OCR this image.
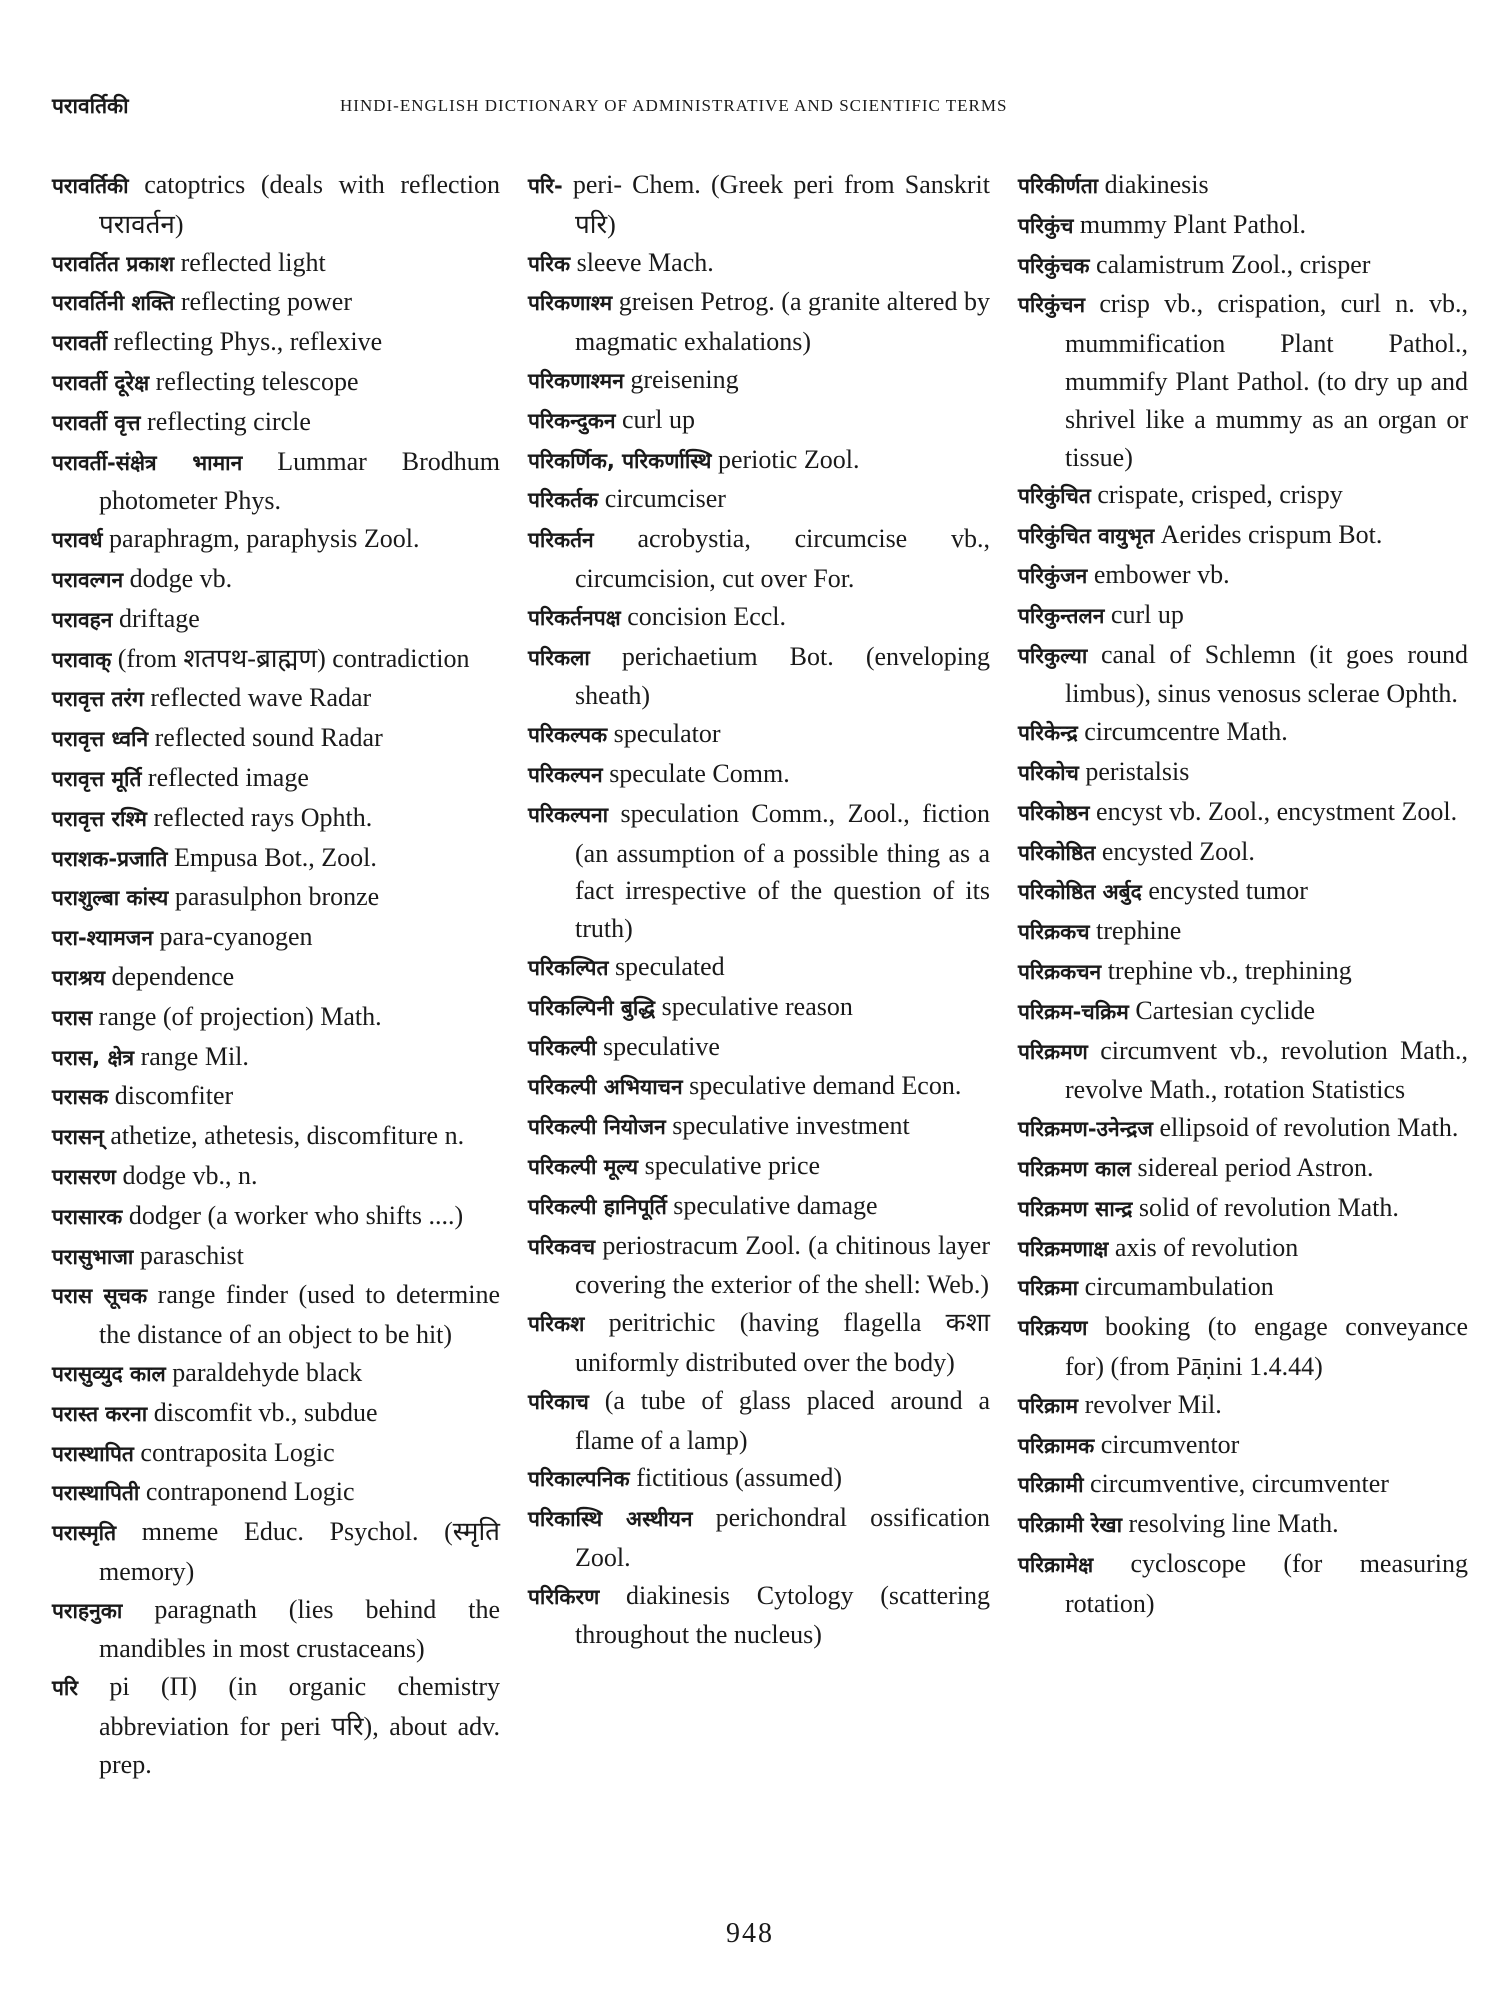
परावर्तिकी	HINDI-ENGLISH DICTIONARY OF ADMINISTRATIVE AND SCIENTIFIC TERMS

परावर्तिकी catoptrics (deals with reflection परावर्तन)

परावर्तित प्रकाश reflected light

परावर्तिनी शक्ति reflecting power

परावर्ती reflecting Phys., reflexive

परावर्ती दूरेक्ष reflecting telescope

परावर्ती वृत्त reflecting circle

परावर्ती-संक्षेत्र भामान Lummar Brodhum photometer Phys.

परावर्ध paraphragm, paraphysis Zool.

परावल्गन dodge vb.

परावहन driftage

परावाक् (from शतपथ-ब्राह्मण) contradiction

परावृत्त तरंग reflected wave Radar

परावृत्त ध्वनि reflected sound Radar

परावृत्त मूर्ति reflected image

परावृत्त रश्मि reflected rays Ophth.

पराशक-प्रजाति Empusa Bot., Zool.

पराशुल्बा कांस्य parasulphon bronze

परा-श्यामजन para-cyanogen

पराश्रय dependence

परास range (of projection) Math.

परास, क्षेत्र range Mil.

परासक discomfiter

परासन् athetize, athetesis, discomfiture n.

परासरण dodge vb., n.

परासारक dodger (a worker who shifts ....)

परासुभाजा paraschist

परास सूचक range finder (used to determine the distance of an object to be hit)

परासुव्युद काल paraldehyde black

परास्त करना discomfit vb., subdue

परास्थापित contraposita Logic

परास्थापिती contraponend Logic

परास्मृति mneme Educ. Psychol. (स्मृति memory)

पराहनुका paragnath (lies behind the mandibles in most crustaceans)

परि pi (Π) (in organic chemistry abbreviation for peri परि), about adv. prep.

परि- peri- Chem. (Greek peri from Sanskrit परि)

परिक sleeve Mach.

परिकणाश्म greisen Petrog. (a granite altered by magmatic exhalations)

परिकणाश्मन greisening

परिकन्दुकन curl up

परिकर्णिक, परिकर्णास्थि periotic Zool.

परिकर्तक circumciser

परिकर्तन acrobystia, circumcise vb., circumcision, cut over For.

परिकर्तनपक्ष concision Eccl.

परिकला perichaetium Bot. (enveloping sheath)

परिकल्पक speculator

परिकल्पन speculate Comm.

परिकल्पना speculation Comm., Zool., fiction (an assumption of a possible thing as a fact irrespective of the question of its truth)

परिकल्पित speculated

परिकल्पिनी बुद्धि speculative reason

परिकल्पी speculative

परिकल्पी अभियाचन speculative demand Econ.

परिकल्पी नियोजन speculative investment

परिकल्पी मूल्य speculative price

परिकल्पी हानिपूर्ति speculative damage

परिकवच periostracum Zool. (a chitinous layer covering the exterior of the shell: Web.)

परिकश peritrichic (having flagella कशा uniformly distributed over the body)

परिकाच (a tube of glass placed around a flame of a lamp)

परिकाल्पनिक fictitious (assumed)

परिकास्थि अस्थीयन perichondral ossification Zool.

परिकिरण diakinesis Cytology (scattering throughout the nucleus)

परिकीर्णता diakinesis

परिकुंच mummy Plant Pathol.

परिकुंचक calamistrum Zool., crisper

परिकुंचन crisp vb., crispation, curl n. vb., mummification Plant Pathol., mummify Plant Pathol. (to dry up and shrivel like a mummy as an organ or tissue)

परिकुंचित crispate, crisped, crispy

परिकुंचित वायुभृत Aerides crispum Bot.

परिकुंजन embower vb.

परिकुन्तलन curl up

परिकुल्या canal of Schlemn (it goes round limbus), sinus venosus sclerae Ophth.

परिकेन्द्र circumcentre Math.

परिकोच peristalsis

परिकोष्ठन encyst vb. Zool., encystment Zool.

परिकोष्ठित encysted Zool.

परिकोष्ठित अर्बुद encysted tumor

परिक्रकच trephine

परिक्रकचन trephine vb., trephining

परिक्रम-चक्रिम Cartesian cyclide

परिक्रमण circumvent vb., revolution Math., revolve Math., rotation Statistics

परिक्रमण-उनेन्द्रज ellipsoid of revolution Math.

परिक्रमण काल sidereal period Astron.

परिक्रमण सान्द्र solid of revolution Math.

परिक्रमणाक्ष axis of revolution

परिक्रमा circumambulation

परिक्रयण booking (to engage conveyance for) (from Pāṇini 1.4.44)

परिक्राम revolver Mil.

परिक्रामक circumventor

परिक्रामी circumventive, circumventer

परिक्रामी रेखा resolving line Math.

परिक्रामेक्ष cycloscope (for measuring rotation)

948
